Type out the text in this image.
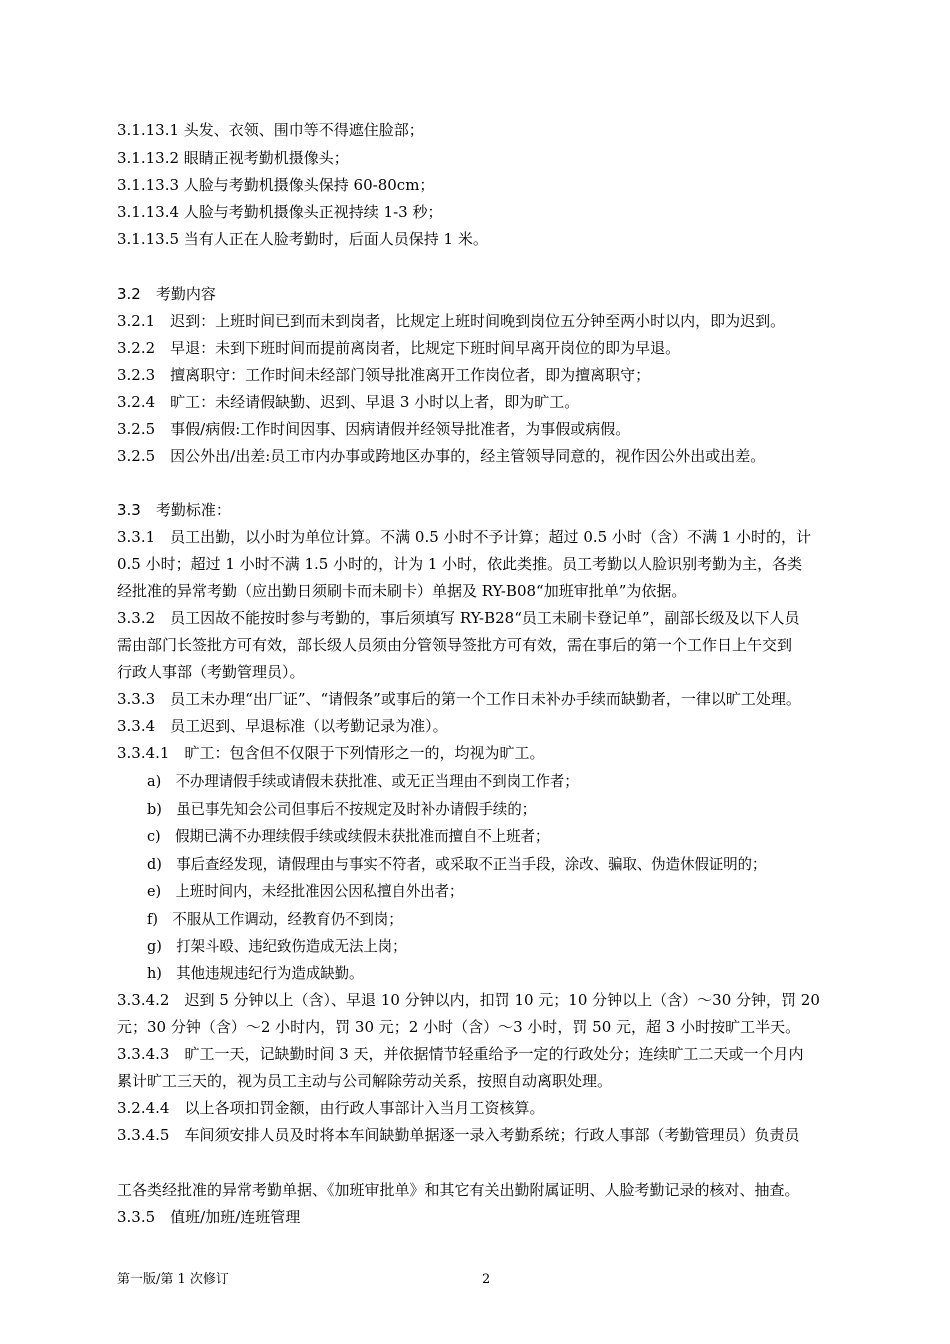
3.1.13.1 头发、衣领、围巾等不得遮住脸部；
3.1.13.2 眼睛正视考勤机摄像头；
3.1.13.3 人脸与考勤机摄像头保持 60-80cm；
3.1.13.4 人脸与考勤机摄像头正视持续 1-3 秒；
3.1.13.5 当有人正在人脸考勤时，后面人员保持 1 米。
3.2　考勤内容
3.2.1　迟到：上班时间已到而未到岗者，比规定上班时间晚到岗位五分钟至两小时以内，即为迟到。
3.2.2　早退：未到下班时间而提前离岗者，比规定下班时间早离开岗位的即为早退。
3.2.3　擅离职守：工作时间未经部门领导批准离开工作岗位者，即为擅离职守；
3.2.4　旷工：未经请假缺勤、迟到、早退 3 小时以上者，即为旷工。
3.2.5　事假/病假:工作时间因事、因病请假并经领导批准者，为事假或病假。
3.2.5　因公外出/出差:员工市内办事或跨地区办事的，经主管领导同意的，视作因公外出或出差。
3.3　考勤标准：
3.3.1　员工出勤，以小时为单位计算。不满 0.5 小时不予计算；超过 0.5 小时（含）不满 1 小时的，计
0.5 小时；超过 1 小时不满 1.5 小时的，计为 1 小时，依此类推。员工考勤以人脸识别考勤为主，各类
经批准的异常考勤（应出勤日须刷卡而未刷卡）单据及 RY-B08“加班审批单”为依据。
3.3.2　员工因故不能按时参与考勤的，事后须填写 RY-B28“员工未刷卡登记单”，副部长级及以下人员
需由部门长签批方可有效，部长级人员须由分管领导签批方可有效，需在事后的第一个工作日上午交到
行政人事部（考勤管理员）。
3.3.3　员工未办理“出厂证”、“请假条”或事后的第一个工作日未补办手续而缺勤者，一律以旷工处理。
3.3.4　员工迟到、早退标准（以考勤记录为准）。
3.3.4.1　旷工：包含但不仅限于下列情形之一的，均视为旷工。
a)　不办理请假手续或请假未获批准、或无正当理由不到岗工作者；
b)　虽已事先知会公司但事后不按规定及时补办请假手续的；
c)　假期已满不办理续假手续或续假未获批准而擅自不上班者；
d)　事后查经发现，请假理由与事实不符者，或采取不正当手段，涂改、骗取、伪造休假证明的；
e)　上班时间内，未经批准因公因私擅自外出者；
f)　不服从工作调动，经教育仍不到岗；
g)　打架斗殴、违纪致伤造成无法上岗；
h)　其他违规违纪行为造成缺勤。
3.3.4.2　迟到 5 分钟以上（含）、早退 10 分钟以内，扣罚 10 元；10 分钟以上（含）～30 分钟，罚 20
元；30 分钟（含）～2 小时内，罚 30 元；2 小时（含）～3 小时，罚 50 元，超 3 小时按旷工半天。
3.3.4.3　旷工一天，记缺勤时间 3 天，并依据情节轻重给予一定的行政处分；连续旷工二天或一个月内
累计旷工三天的，视为员工主动与公司解除劳动关系，按照自动离职处理。
3.2.4.4　以上各项扣罚金额，由行政人事部计入当月工资核算。
3.3.4.5　车间须安排人员及时将本车间缺勤单据逐一录入考勤系统；行政人事部（考勤管理员）负责员
工各类经批准的异常考勤单据、《加班审批单》和其它有关出勤附属证明、人脸考勤记录的核对、抽查。
3.3.5　值班/加班/连班管理
第一版/第 1 次修订	2
